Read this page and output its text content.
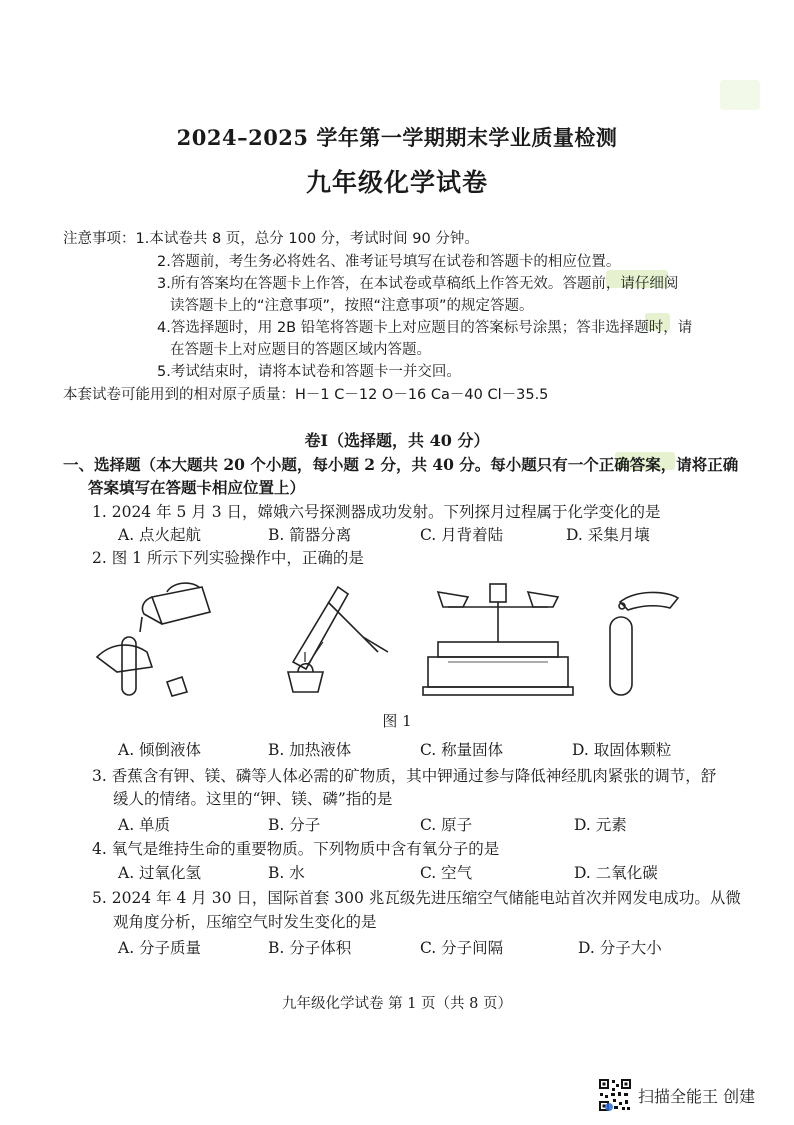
2024–2025 学年第一学期期末学业质量检测
九年级化学试卷
注意事项：1.本试卷共 8 页，总分 100 分，考试时间 90 分钟。
2.答题前，考生务必将姓名、准考证号填写在试卷和答题卡的相应位置。
3.所有答案均在答题卡上作答，在本试卷或草稿纸上作答无效。答题前，请仔细阅
读答题卡上的“注意事项”，按照“注意事项”的规定答题。
4.答选择题时，用 2B 铅笔将答题卡上对应题目的答案标号涂黑；答非选择题时，请
在答题卡上对应题目的答题区域内答题。
5.考试结束时，请将本试卷和答题卡一并交回。
本套试卷可能用到的相对原子质量：H－1 C－12 O－16 Ca－40 Cl－35.5
卷Ⅰ（选择题，共 40 分）
一、选择题（本大题共 20 个小题，每小题 2 分，共 40 分。每小题只有一个正确答案，请将正确
答案填写在答题卡相应位置上）
1. 2024 年 5 月 3 日，嫦娥六号探测器成功发射。下列探月过程属于化学变化的是
A. 点火起航	B. 箭器分离	C. 月背着陆	D. 采集月壤
2. 图 1 所示下列实验操作中，正确的是
图 1
A. 倾倒液体	B. 加热液体	C. 称量固体	D. 取固体颗粒
3. 香蕉含有钾、镁、磷等人体必需的矿物质，其中钾通过参与降低神经肌肉紧张的调节，舒
缓人的情绪。这里的“钾、镁、磷”指的是
A. 单质	B. 分子	C. 原子	D. 元素
4. 氧气是维持生命的重要物质。下列物质中含有氧分子的是
A. 过氧化氢	B. 水	C. 空气	D. 二氧化碳
5. 2024 年 4 月 30 日，国际首套 300 兆瓦级先进压缩空气储能电站首次并网发电成功。从微
观角度分析，压缩空气时发生变化的是
A. 分子质量	B. 分子体积	C. 分子间隔	D. 分子大小
九年级化学试卷 第 1 页（共 8 页）
扫描全能王 创建
